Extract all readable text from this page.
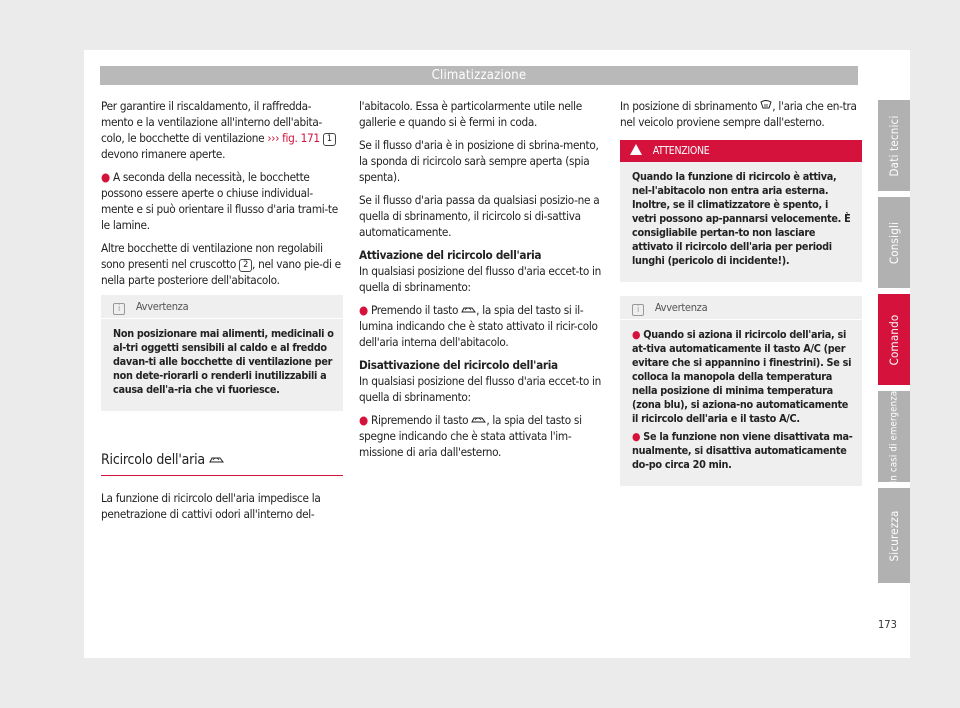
Climatizzazione

Per garantire il riscaldamento, il raffredda-mento e la ventilazione all'interno dell'abita-colo, le bocchette di ventilazione ››› fig. 171 1 devono rimanere aperte.

● A seconda della necessità, le bocchette possono essere aperte o chiuse individual-mente e si può orientare il flusso d'aria trami-te le lamine.

Altre bocchette di ventilazione non regolabili sono presenti nel cruscotto 2 , nel vano pie-di e nella parte posteriore dell'abitacolo.

i Avvertenza

Non posizionare mai alimenti, medicinali o al-tri oggetti sensibili al caldo e al freddo davan-ti alle bocchette di ventilazione per non dete-riorarli o renderli inutilizzabili a causa dell'a-ria che vi fuoriesce.

Ricircolo dell'aria

La funzione di ricircolo dell'aria impedisce la penetrazione di cattivi odori all'interno del-

l'abitacolo. Essa è particolarmente utile nelle gallerie e quando si è fermi in coda.

Se il flusso d'aria è in posizione di sbrina-mento, la sponda di ricircolo sarà sempre aperta (spia spenta).

Se il flusso d'aria passa da qualsiasi posizio-ne a quella di sbrinamento, il ricircolo si di-sattiva automaticamente.

Attivazione del ricircolo dell'aria

In qualsiasi posizione del flusso d'aria eccet-to in quella di sbrinamento:

● Premendo il tasto , la spia del tasto si il-lumina indicando che è stato attivato il ricir-colo dell'aria interna dell'abitacolo.

Disattivazione del ricircolo dell'aria

In qualsiasi posizione del flusso d'aria eccet-to in quella di sbrinamento:

● Ripremendo il tasto , la spia del tasto si spegne indicando che è stata attivata l'im-missione di aria dall'esterno.

In posizione di sbrinamento , l'aria che en-tra nel veicolo proviene sempre dall'esterno.

ATTENZIONE

Quando la funzione di ricircolo è attiva, nel-l'abitacolo non entra aria esterna. Inoltre, se il climatizzatore è spento, i vetri possono ap-pannarsi velocemente. È consigliabile pertan-to non lasciare attivato il ricircolo dell'aria per periodi lunghi (pericolo di incidente!).

i Avvertenza

● Quando si aziona il ricircolo dell'aria, si at-tiva automaticamente il tasto A/C (per evitare che si appannino i finestrini). Se si colloca la manopola della temperatura nella posizione di minima temperatura (zona blu), si aziona-no automaticamente il ricircolo dell'aria e il tasto A/C.

● Se la funzione non viene disattivata ma-nualmente, si disattiva automaticamente do-po circa 20 min.

Dati tecnici
Consigli
Comando
In casi di emergenza
Sicurezza
173
